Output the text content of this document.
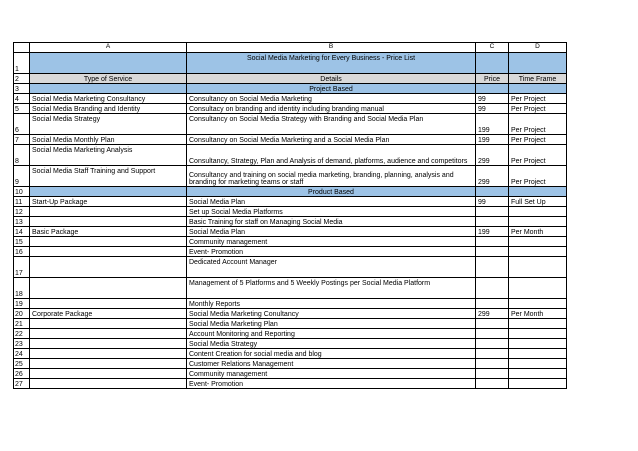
	A	B	C	D
1		Social Media Marketing for Every Business - Price List		
2	Type of Service	Details	Price	Time Frame
3		Project Based		
4	Social Media Marketing Consultancy	Consultancy on Social Media Marketing	99	Per Project
5	Social Media Branding and Identity	Consultacy on branding and identity including branding manual	99	Per Project
6	Social Media Strategy	Consultancy on Social Media Strategy with Branding and Social Media Plan	199	Per Project
7	Social Media Monthly Plan	Consultancy on Social Media Marketing and a Social Media Plan	199	Per Project
8	Social Media Marketing Analysis	Consultancy, Strategy, Plan and Analysis of demand, platforms, audience and competitors	299	Per Project
9	Social Media Staff Training and Support	Consultancy and training on social media marketing, branding, planning, analysis and branding for marketing teams or staff	299	Per Project
10		Product Based		
11	Start-Up Package	Social Media Plan	99	Full Set Up
12		Set up Social Media Platforms		
13		Basic Training for staff on Managing Social Media		
14	Basic Package	Social Media Plan	199	Per Month
15		Community management		
16		Event- Promotion		
17		Dedicated Account Manager		
18		Management of 5 Platforms and 5 Weekly Postings per Social Media Platform		
19		Monthly Reports		
20	Corporate Package	Social Media Marketing Conultancy	299	Per Month
21		Social Media Marketing Plan		
22		Account Monitoring and Reporting		
23		Social Media Strategy		
24		Content Creation for social media and blog		
25		Customer Relations Management		
26		Community management		
27		Event- Promotion		
